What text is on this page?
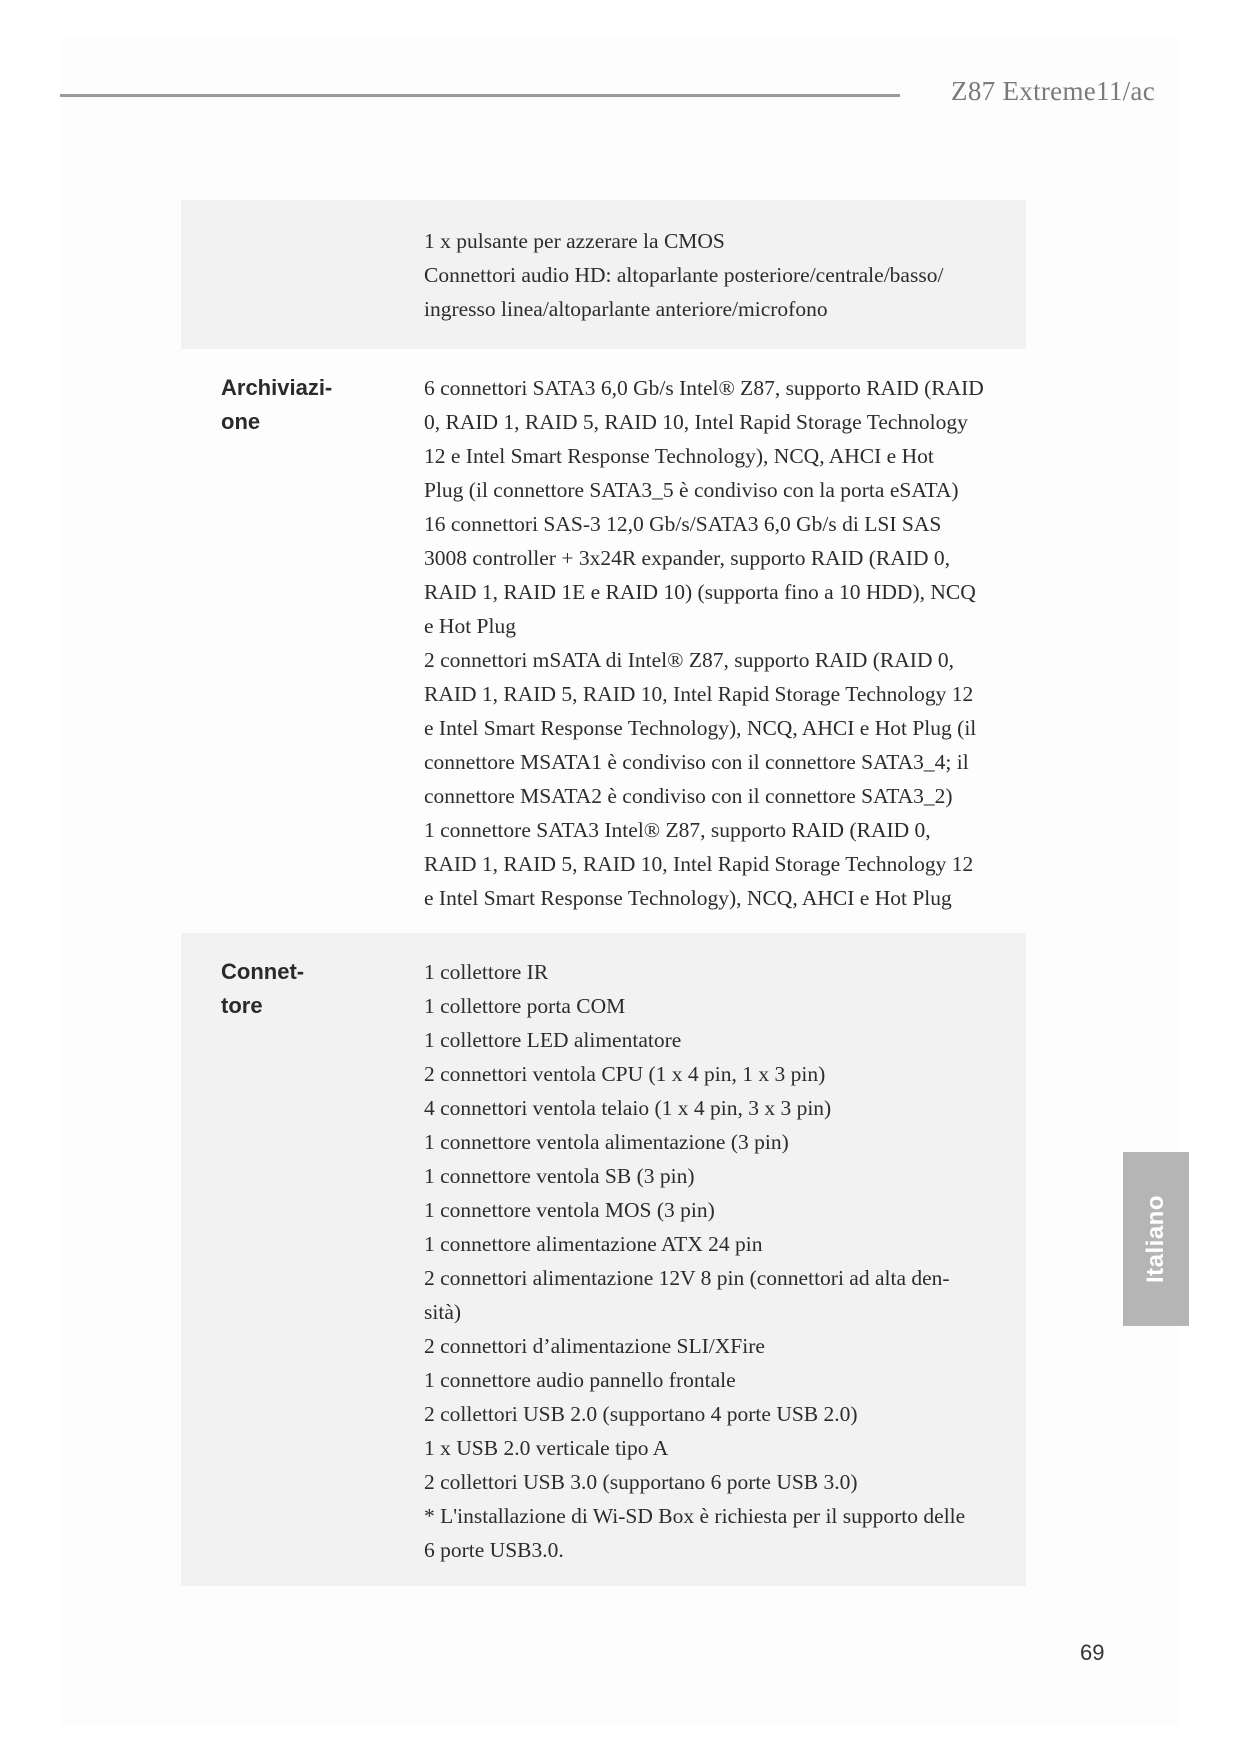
Z87 Extreme11/ac
1 x pulsante per azzerare la CMOS
Connettori audio HD: altoparlante posteriore/centrale/basso/
ingresso linea/altoparlante anteriore/microfono
Archiviazi-
one
6 connettori SATA3 6,0 Gb/s Intel® Z87, supporto RAID (RAID
0, RAID 1, RAID 5, RAID 10, Intel Rapid Storage Technology
12 e Intel Smart Response Technology), NCQ, AHCI e Hot
Plug (il connettore SATA3_5 è condiviso con la porta eSATA)
16 connettori SAS-3 12,0 Gb/s/SATA3 6,0 Gb/s di LSI SAS
3008 controller + 3x24R expander, supporto RAID (RAID 0,
RAID 1, RAID 1E e RAID 10) (supporta fino a 10 HDD), NCQ
e Hot Plug
2 connettori mSATA di Intel® Z87, supporto RAID (RAID 0,
RAID 1, RAID 5, RAID 10, Intel Rapid Storage Technology 12
e Intel Smart Response Technology), NCQ, AHCI e Hot Plug (il
connettore MSATA1 è condiviso con il connettore SATA3_4; il
connettore MSATA2 è condiviso con il connettore SATA3_2)
1 connettore SATA3 Intel® Z87, supporto RAID (RAID 0,
RAID 1, RAID 5, RAID 10, Intel Rapid Storage Technology 12
e Intel Smart Response Technology), NCQ, AHCI e Hot Plug
Connet-
tore
1 collettore IR
1 collettore porta COM
1 collettore LED alimentatore
2 connettori ventola CPU (1 x 4 pin, 1 x 3 pin)
4 connettori ventola telaio (1 x 4 pin, 3 x 3 pin)
1 connettore ventola alimentazione (3 pin)
1 connettore ventola SB (3 pin)
1 connettore ventola MOS (3 pin)
1 connettore alimentazione ATX 24 pin
2 connettori alimentazione 12V 8 pin (connettori ad alta den-
sità)
2 connettori d’alimentazione SLI/XFire
1 connettore audio pannello frontale
2 collettori USB 2.0 (supportano 4 porte USB 2.0)
1 x USB 2.0 verticale tipo A
2 collettori USB 3.0 (supportano 6 porte USB 3.0)
* L'installazione di Wi-SD Box è richiesta per il supporto delle
6 porte USB3.0.
Italiano
69
